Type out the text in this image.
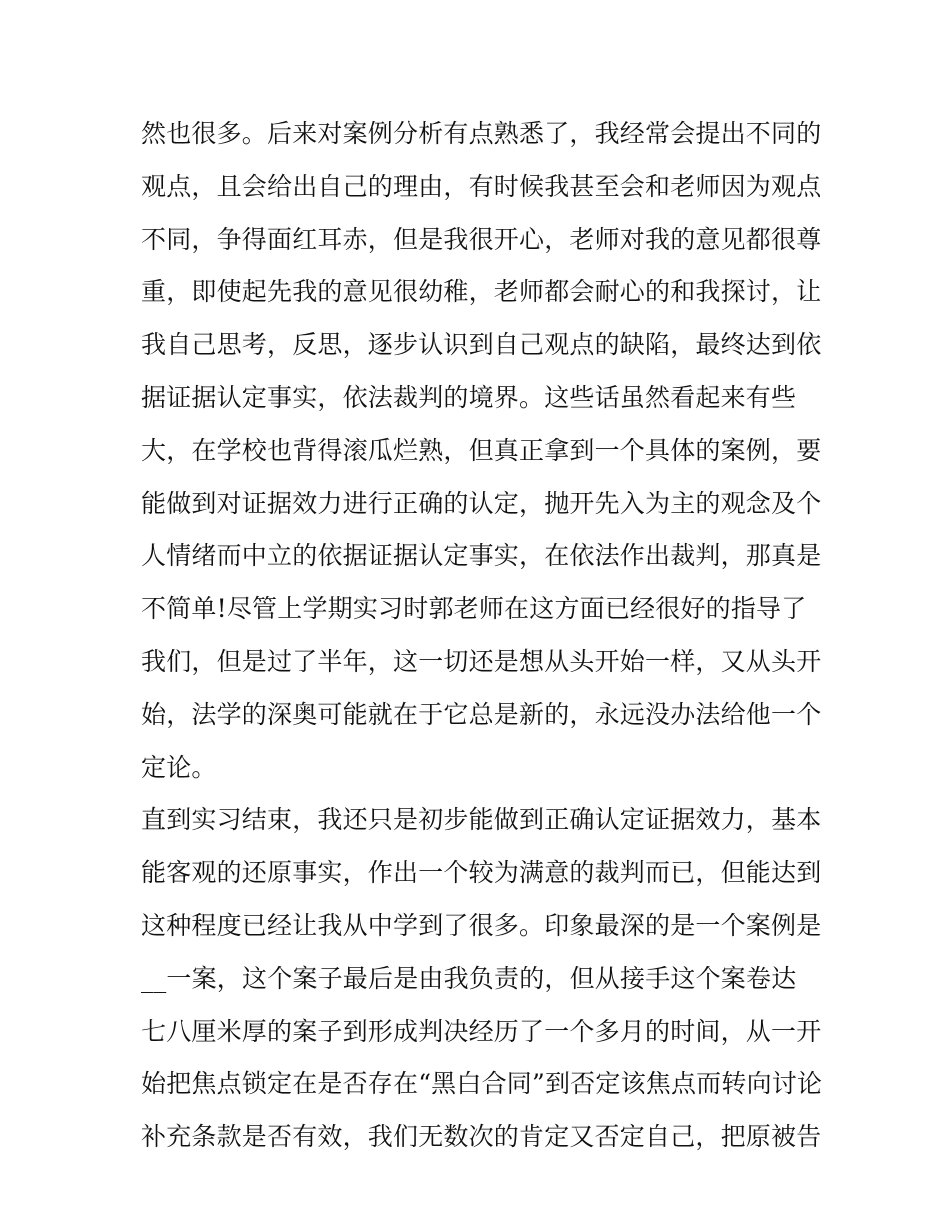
然也很多。后来对案例分析有点熟悉了，我经常会提出不同的
观点，且会给出自己的理由，有时候我甚至会和老师因为观点
不同，争得面红耳赤，但是我很开心，老师对我的意见都很尊
重，即使起先我的意见很幼稚，老师都会耐心的和我探讨，让
我自己思考，反思，逐步认识到自己观点的缺陷，最终达到依
据证据认定事实，依法裁判的境界。这些话虽然看起来有些
大，在学校也背得滚瓜烂熟，但真正拿到一个具体的案例，要
能做到对证据效力进行正确的认定，抛开先入为主的观念及个
人情绪而中立的依据证据认定事实，在依法作出裁判，那真是
不简单!尽管上学期实习时郭老师在这方面已经很好的指导了
我们，但是过了半年，这一切还是想从头开始一样，又从头开
始，法学的深奥可能就在于它总是新的，永远没办法给他一个
定论。
直到实习结束，我还只是初步能做到正确认定证据效力，基本
能客观的还原事实，作出一个较为满意的裁判而已，但能达到
这种程度已经让我从中学到了很多。印象最深的是一个案例是
__一案，这个案子最后是由我负责的，但从接手这个案卷达
七八厘米厚的案子到形成判决经历了一个多月的时间，从一开
始把焦点锁定在是否存在“黑白合同”到否定该焦点而转向讨论
补充条款是否有效，我们无数次的肯定又否定自己，把原被告
